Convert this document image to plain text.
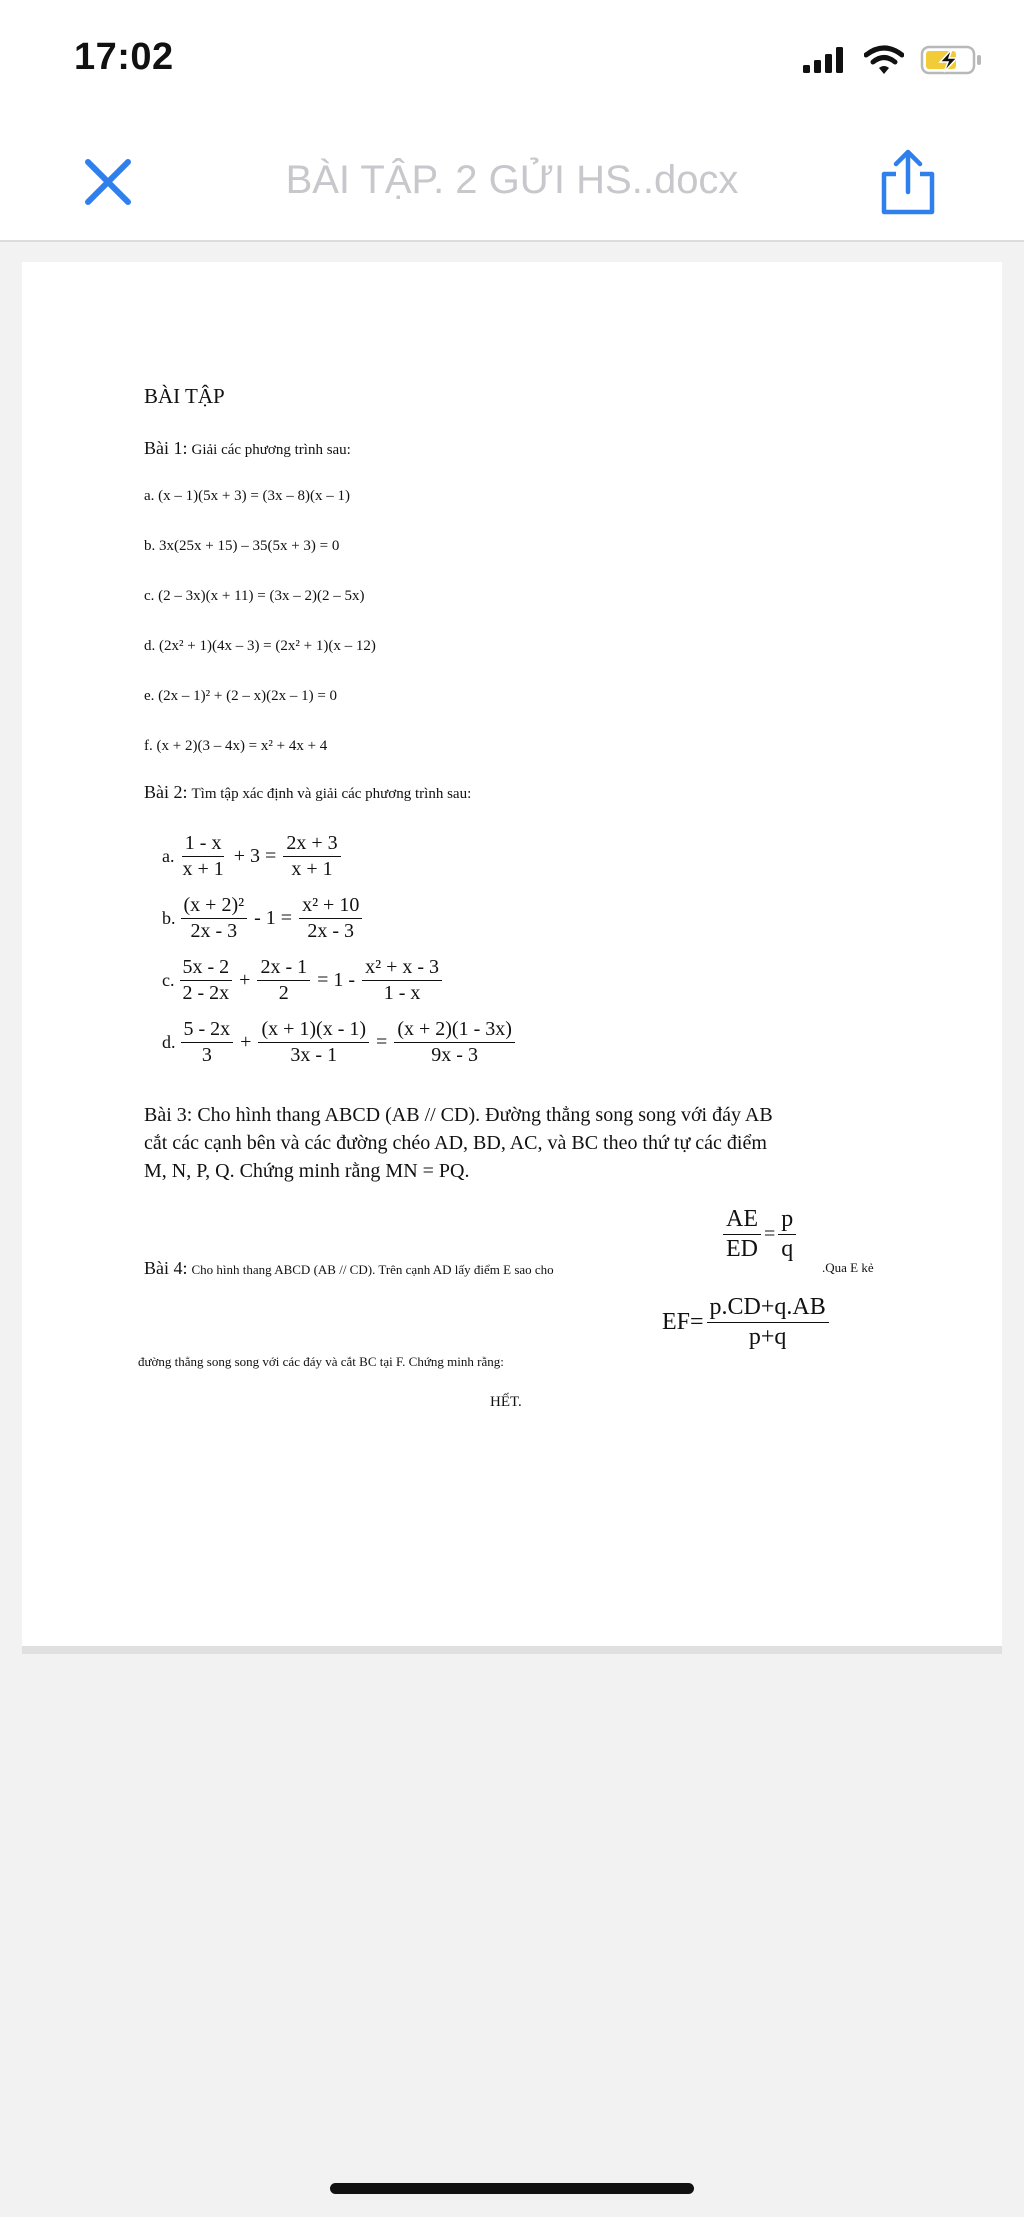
17:02
BÀI TẬP. 2 GỬI HS..docx
BÀI TẬP
Bài 1: Giải các phương trình sau:
a. (x – 1)(5x + 3) = (3x – 8)(x – 1)
b. 3x(25x + 15) – 35(5x + 3) = 0
c. (2 – 3x)(x + 11) = (3x – 2)(2 – 5x)
d. (2x² + 1)(4x – 3) = (2x² + 1)(x – 12)
e. (2x – 1)² + (2 – x)(2x – 1) = 0
f. (x + 2)(3 – 4x) = x² + 4x + 4
Bài 2: Tìm tập xác định và giải các phương trình sau:
a. $\frac{1 - x}{x + 1} + 3 = \frac{2x + 3}{x + 1}$
b. $\frac{\text{(x + 2)²}}{2x - 3} - 1 = \frac{\text{x² + 10}}{2x - 3}$
c. $\frac{5x - 2}{2 - 2x} + \frac{2x - 1}{2} = 1 - \frac{\text{x² + x - 3}}{1 - x}$
d. $\frac{5 - 2x}{3} + \frac{(x + 1)(x - 1)}{3x - 1} = \frac{(x + 2)(1 - 3x)}{9x - 3}$
Bài 3: Cho hình thang ABCD (AB // CD). Đường thẳng song song với đáy AB
cắt các cạnh bên và các đường chéo AD, BD, AC, và BC theo thứ tự các điểm
M, N, P, Q. Chứng minh rằng MN = PQ.
Bài 4: Cho hình thang ABCD (AB // CD). Trên cạnh AD lấy điểm E sao cho
$\frac{AE}{ED} = \frac{p}{q}$
.Qua E kẻ
đường thẳng song song với các đáy và cắt BC tại F. Chứng minh rằng:
$EF= \frac{p.CD+q.AB}{p+q}$
HẾT.
